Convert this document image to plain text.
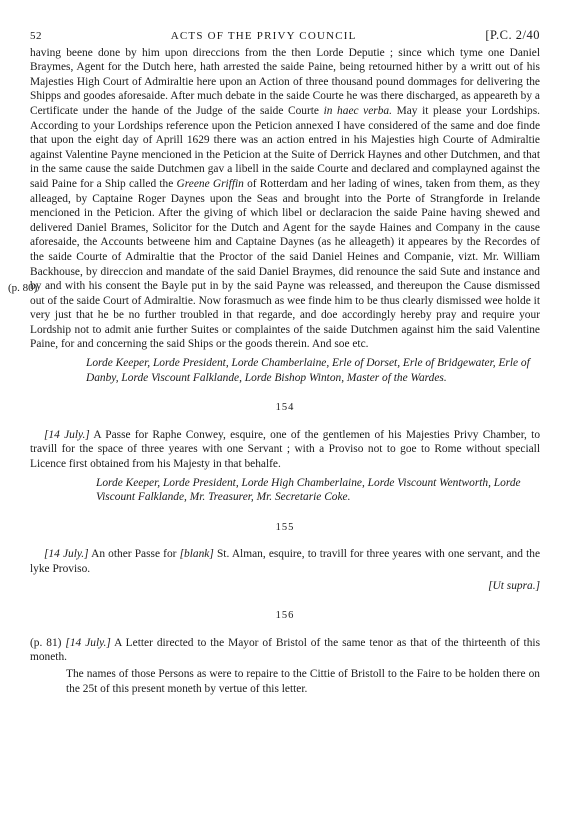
52	ACTS OF THE PRIVY COUNCIL	[P.C. 2/40

having beene done by him upon direccions from the then Lorde Deputie ; since which tyme one Daniel Braymes, Agent for the Dutch here, hath arrested the saide Paine, being retourned hither by a writt out of his Majesties High Court of Admiraltie here upon an Action of three thousand pound dommages for delivering the Shipps and goodes aforesaide. After much debate in the saide Courte he was there discharged, as appeareth by a Certificate under the hande of the Judge of the saide Courte in haec verba. May it please your Lordships. According to your Lordships reference upon the Peticion annexed I have considered of the same and doe finde that upon the eight day of Aprill 1629 there was an action entred in his Majesties high Courte of Admiraltie against Valentine Payne mencioned in the Peticion at the Suite of Derrick Haynes and other Dutchmen, and that in the same cause the saide Dutchmen gav a libell in the saide Courte and declared and complayned against the said Paine for a Ship called the Greene Griffin of Rotterdam and her lading of wines, taken from them, as they alleaged, by Captaine Roger Daynes upon the Seas and brought into the Porte of Strangforde in Irelande mencioned in the Peticion. After the giving of which libel or declaracion the saide Paine having shewed and delivered Daniel Brames, Solicitor for the Dutch and Agent for the sayde Haines and Company in the cause aforesaide, the Accounts betweene him and Captaine Daynes (as he alleageth) it appeares by the Recordes of the saide Courte of Admiraltie that the Proctor of the said Daniel Heines and Companie, vizt. Mr. William Backhouse, by direccion and mandate of the said Daniel Braymes, did renounce the said Sute and instance and by and with his consent the Bayle put in by the said Payne was releassed, and thereupon the Cause dismissed out of the saide Court of Admiraltie. Now forasmuch as wee finde him to be thus clearly dismissed wee holde it very just that he be no further troubled in that regarde, and doe accordingly hereby pray and require your Lordship not to admit anie further Suites or complaintes of the saide Dutchmen against him the said Valentine Paine, for and concerning the said Ships or the goods therein. And soe etc.

(p. 80)

Lorde Keeper, Lorde President, Lorde Chamberlaine, Erle of Dorset, Erle of Bridgewater, Erle of Danby, Lorde Viscount Falklande, Lorde Bishop Winton, Master of the Wardes.

154

[14 July.] A Passe for Raphe Conwey, esquire, one of the gentlemen of his Majesties Privy Chamber, to travill for the space of three yeares with one Servant ; with a Proviso not to goe to Rome without speciall Licence first obtained from his Majesty in that behalfe.

Lorde Keeper, Lorde President, Lorde High Chamberlaine, Lorde Viscount Wentworth, Lorde Viscount Falklande, Mr. Treasurer, Mr. Secretarie Coke.

155

[14 July.] An other Passe for [blank] St. Alman, esquire, to travill for three yeares with one servant, and the lyke Proviso.

[Ut supra.]

156

(p. 81) [14 July.] A Letter directed to the Mayor of Bristol of the same tenor as that of the thirteenth of this moneth.

The names of those Persons as were to repaire to the Cittie of Bristoll to the Faire to be holden there on the 25t of this present moneth by vertue of this letter.
